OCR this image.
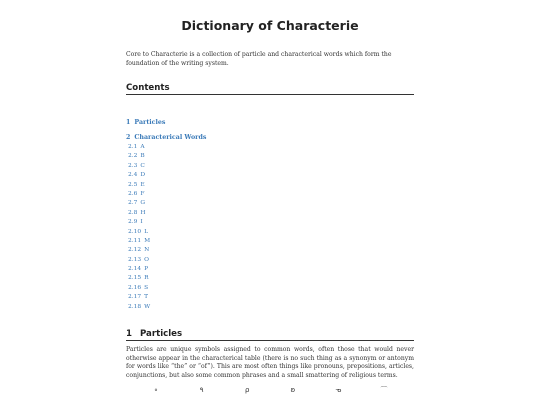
Dictionary of Characterie

Core to Characterie is a collection of particle and characterical words which form the foundation of the writing system.

Contents
1 Particles
2 Characterical Words
2.1 A
2.2 B
2.3 C
2.4 D
2.5 E
2.6 F
2.7 G
2.8 H
2.9 I
2.10 L
2.11 M
2.12 N
2.13 O
2.14 P
2.15 R
2.16 S
2.17 T
2.18 W
1 Particles

Particles are unique symbols assigned to common words, often those that would never otherwise appear in the characterical table (there is no such thing as a synonym or antonym for words like “the” or “of”). This are most often things like pronouns, prepositions, articles, conjunctions, but also some common phrases and a small smattering of religious terms.

∘	٩	ρ	ʚ	ᓀ	⌒
